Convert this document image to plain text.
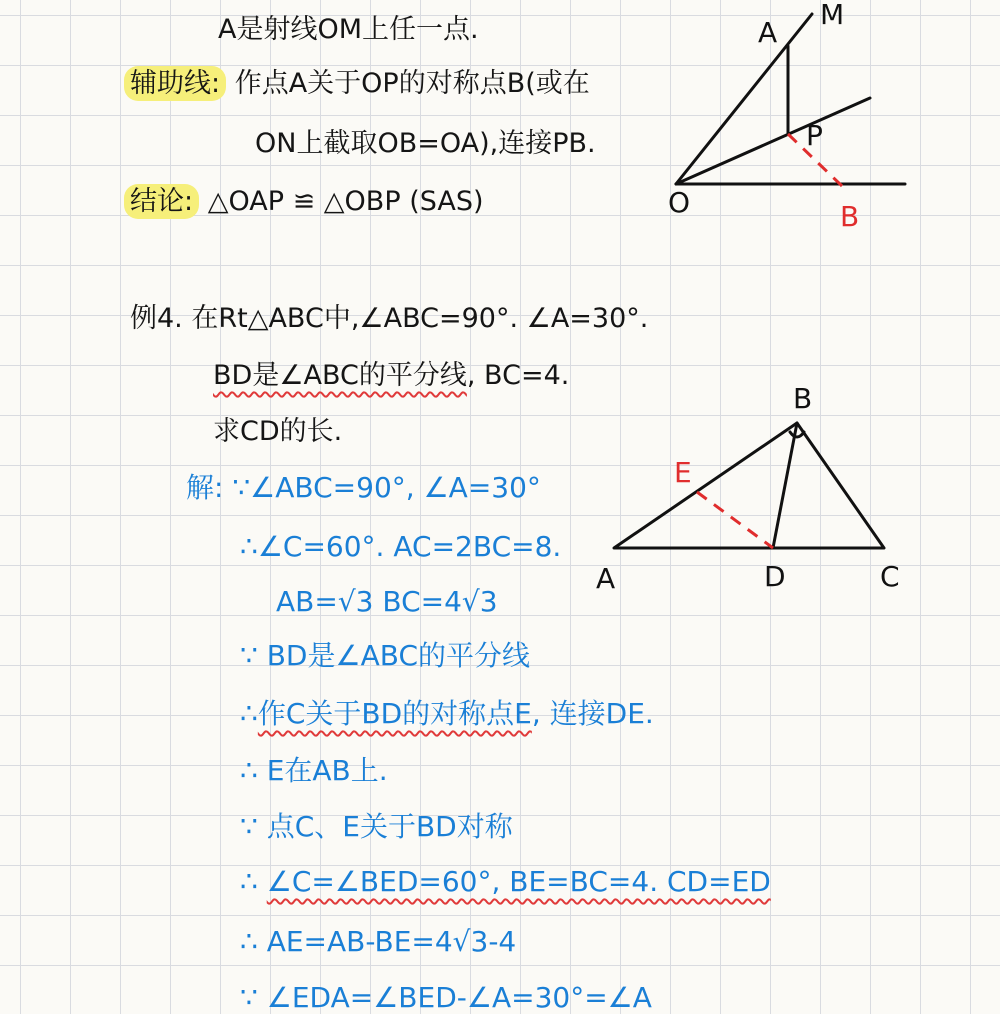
A是射线OM上任一点.
辅助线: 作点A关于OP的对称点B(或在
ON上截取OB=OA),连接PB.
结论: △OAP ≌ △OBP (SAS)
A
M
P
O	B
例4. 在Rt△ABC中,∠ABC=90°. ∠A=30°.
BD是∠ABC的平分线, BC=4.
求CD的长.
A
B
C
D
E
解: ∵∠ABC=90°, ∠A=30°
∴∠C=60°. AC=2BC=8.
AB=√3 BC=4√3
∵ BD是∠ABC的平分线
∴作C关于BD的对称点E, 连接DE.
∴ E在AB上.
∵ 点C、E关于BD对称
∴ ∠C=∠BED=60°, BE=BC=4. CD=ED
∴ AE=AB-BE=4√3-4
∵ ∠EDA=∠BED-∠A=30°=∠A
